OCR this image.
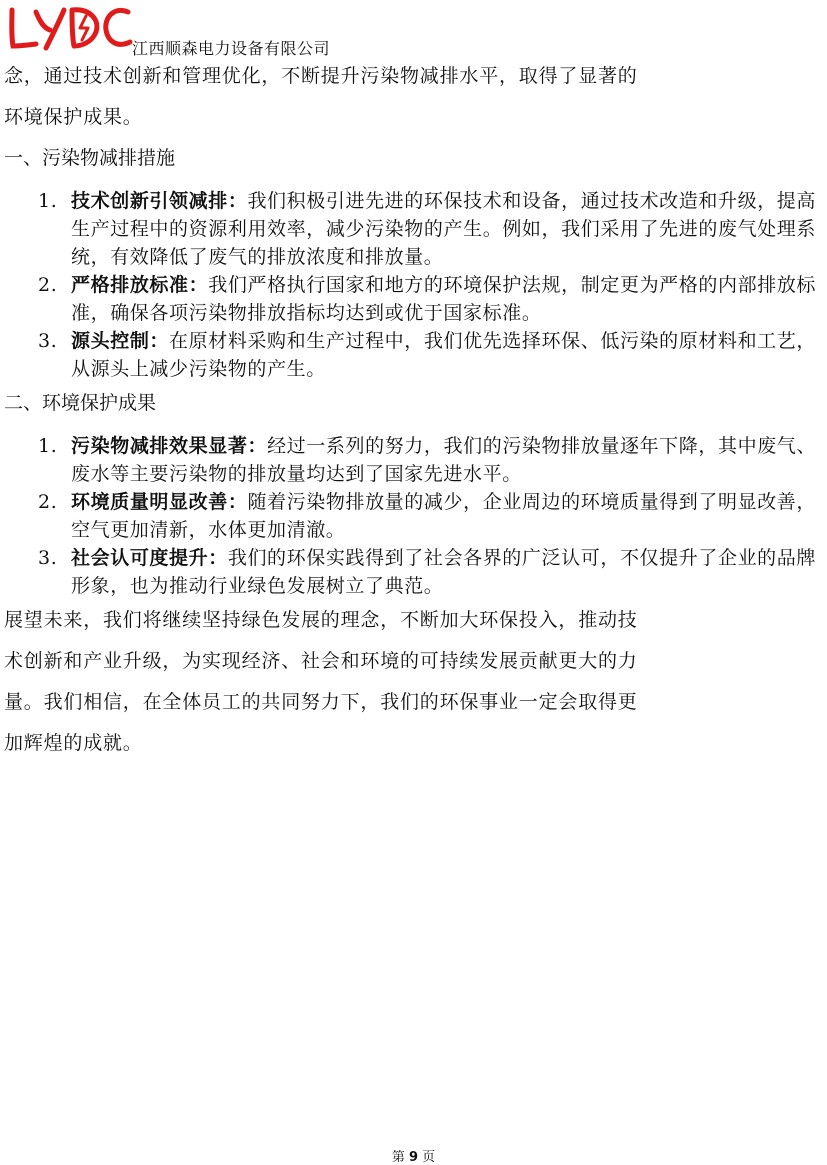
江西顺森电力设备有限公司

念，通过技术创新和管理优化，不断提升污染物减排水平，取得了显著的

环境保护成果。

一、污染物减排措施

1. 技术创新引领减排：我们积极引进先进的环保技术和设备，通过技术改造和升级，提高生产过程中的资源利用效率，减少污染物的产生。例如，我们采用了先进的废气处理系统，有效降低了废气的排放浓度和排放量。
2. 严格排放标准：我们严格执行国家和地方的环境保护法规，制定更为严格的内部排放标准，确保各项污染物排放指标均达到或优于国家标准。
3. 源头控制：在原材料采购和生产过程中，我们优先选择环保、低污染的原材料和工艺，从源头上减少污染物的产生。

二、环境保护成果

1. 污染物减排效果显著：经过一系列的努力，我们的污染物排放量逐年下降，其中废气、废水等主要污染物的排放量均达到了国家先进水平。
2. 环境质量明显改善：随着污染物排放量的减少，企业周边的环境质量得到了明显改善，空气更加清新，水体更加清澈。
3. 社会认可度提升：我们的环保实践得到了社会各界的广泛认可，不仅提升了企业的品牌形象，也为推动行业绿色发展树立了典范。

展望未来，我们将继续坚持绿色发展的理念，不断加大环保投入，推动技

术创新和产业升级，为实现经济、社会和环境的可持续发展贡献更大的力

量。我们相信，在全体员工的共同努力下，我们的环保事业一定会取得更

加辉煌的成就。

第 9 页
